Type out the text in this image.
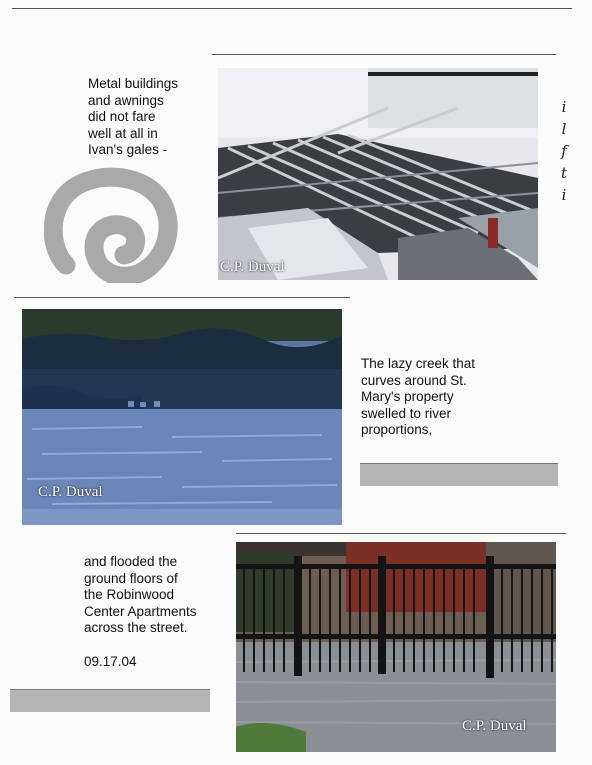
Metal buildings
and awnings
did not fare
well at all in
Ivan's gales -
C.P. Duval
i
l
f
t
i
C.P. Duval
The lazy creek that
curves around St.
Mary's property
swelled to river
proportions,
and flooded the
ground floors of
the Robinwood
Center Apartments
across the street.
09.17.04
C.P. Duval
